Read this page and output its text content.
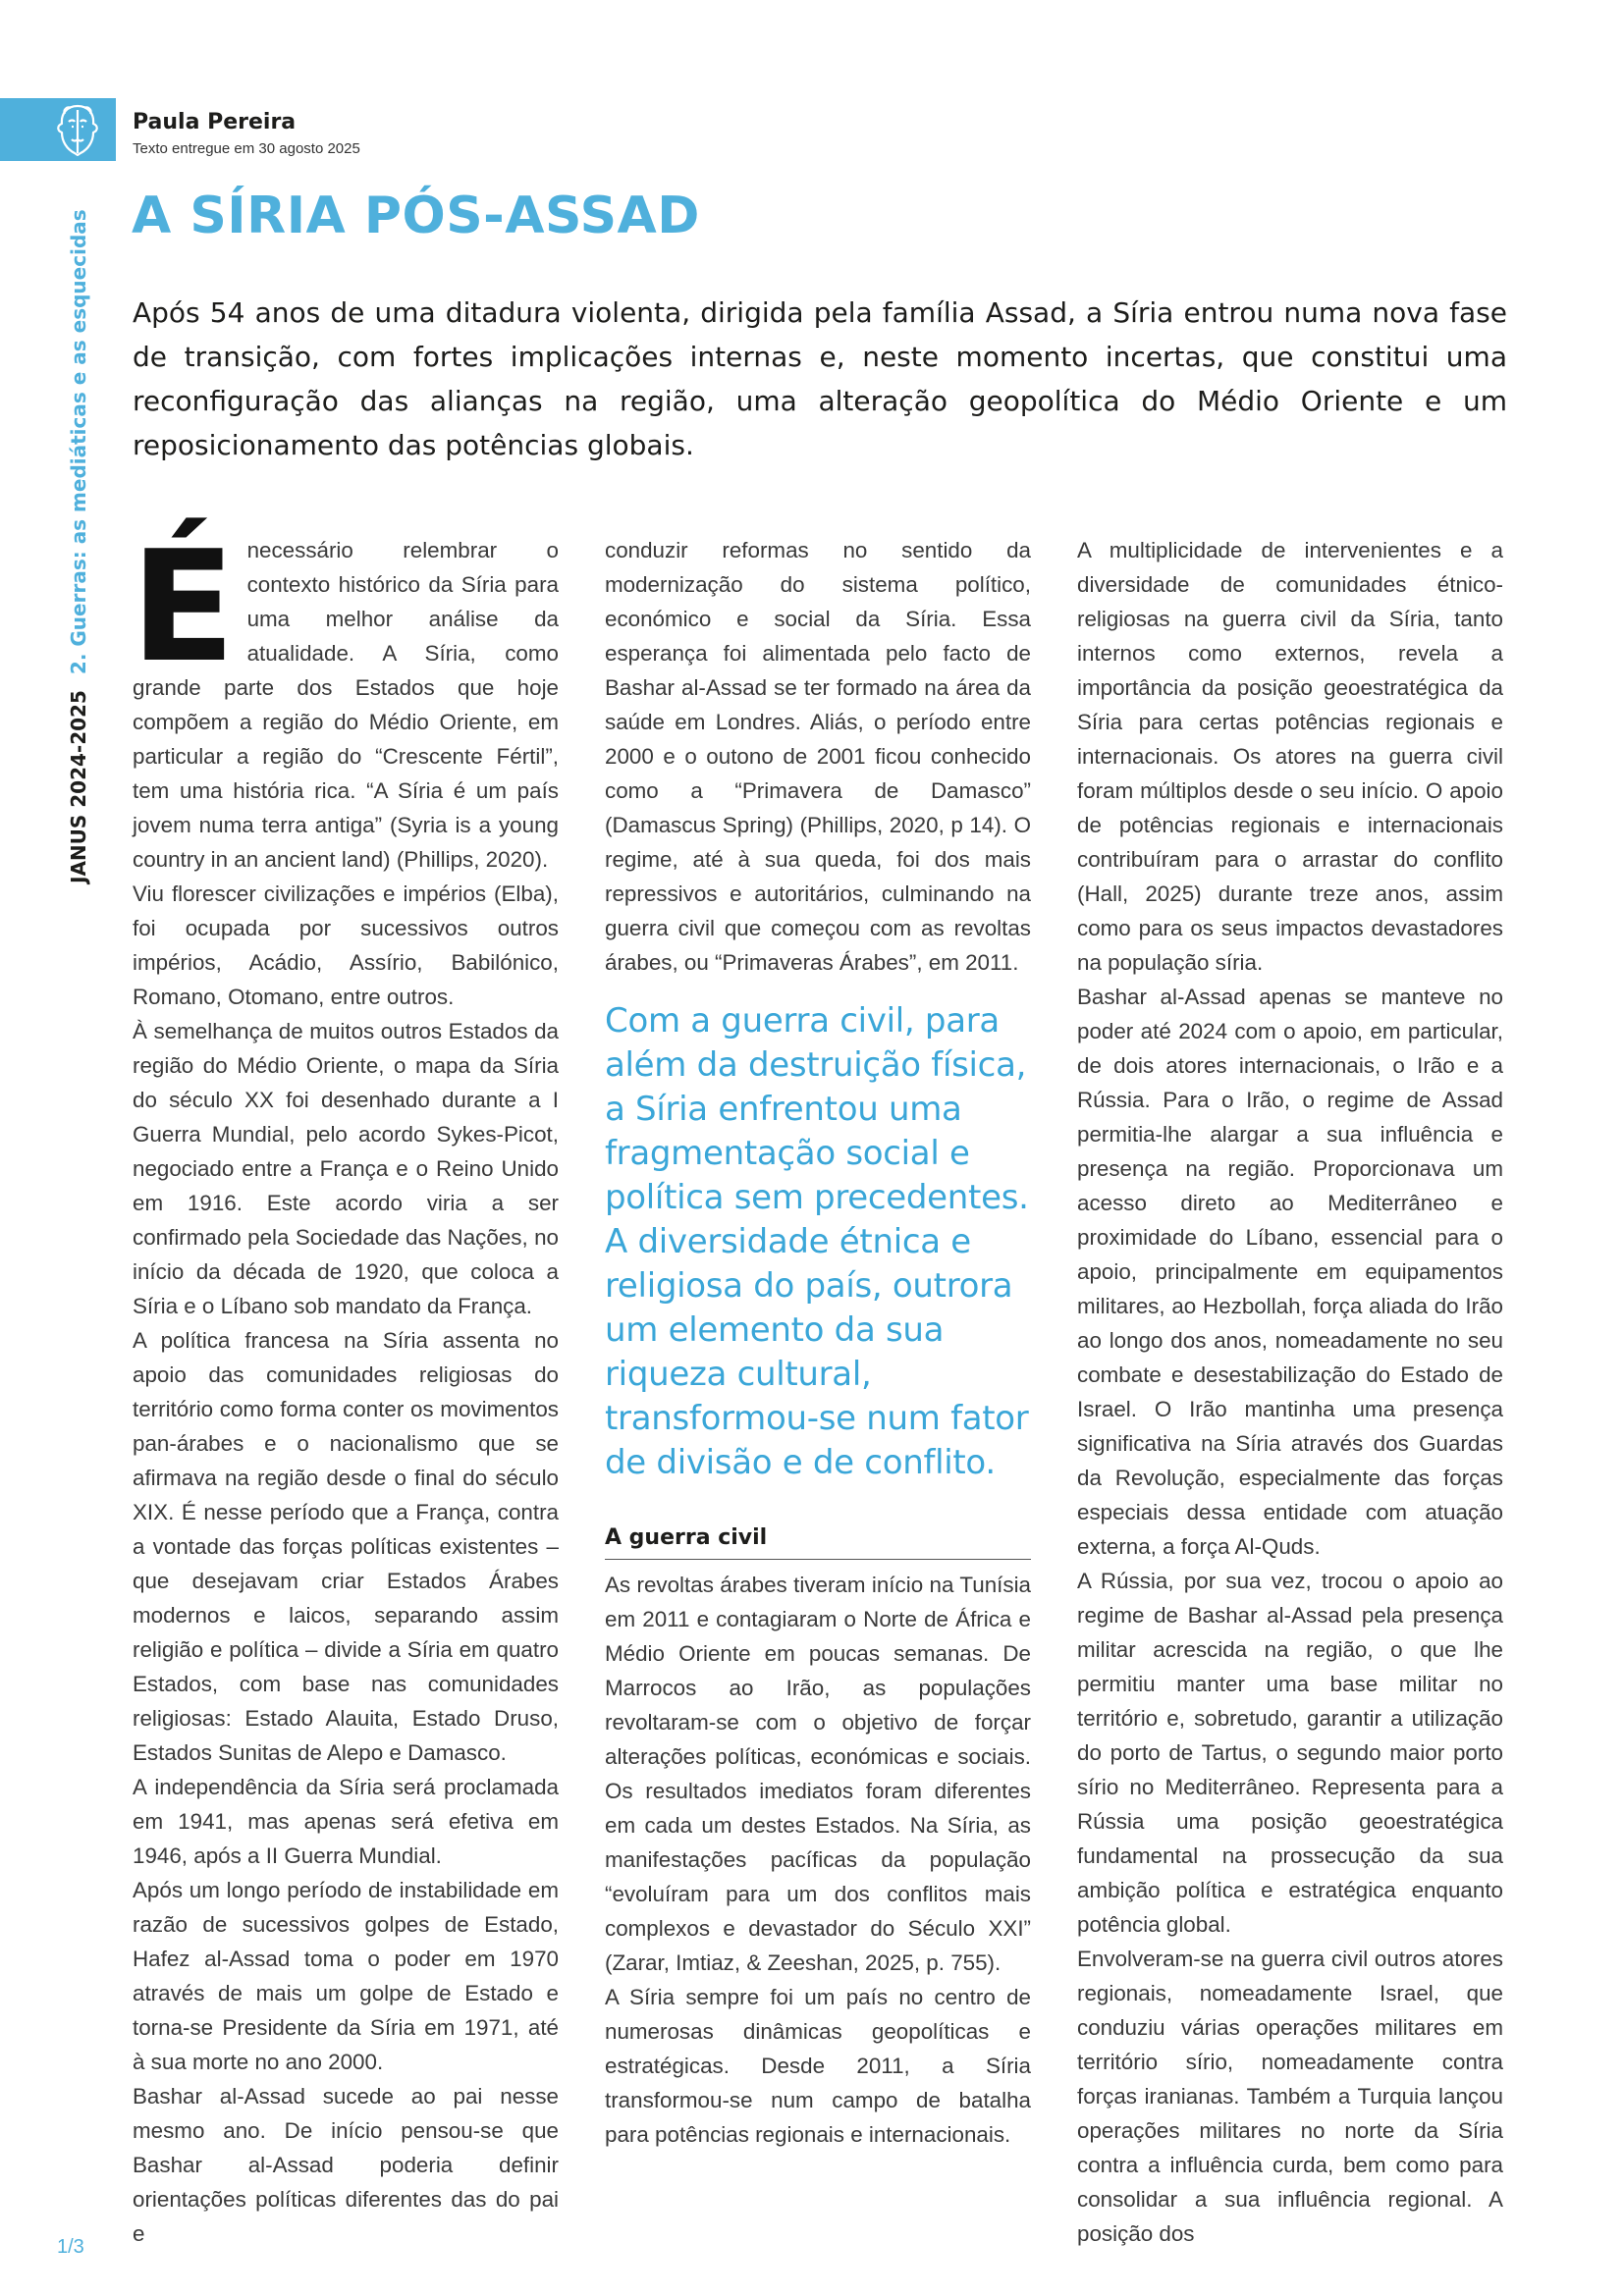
Paula Pereira
Texto entregue em 30 agosto 2025
JANUS 2024-20252. Guerras: as mediáticas e as esquecidas A SÍRIA PÓS-ASSAD

Após 54 anos de uma ditadura violenta, dirigida pela família Assad, a Síria entrou numa nova fase de transição, com fortes implicações internas e, neste momento incertas, que constitui uma reconfiguração das alianças na região, uma alteração geopolítica do Médio Oriente e um reposicionamento das potências globais.

É necessário relembrar o contexto histórico da Síria para uma melhor análise da atualidade. A Síria, como grande parte dos Estados que hoje compõem a região do Médio Oriente, em particular a região do “Crescente Fértil”, tem uma história rica. “A Síria é um país jovem numa terra antiga” (Syria is a young country in an ancient land) (Phillips, 2020).

Viu florescer civilizações e impérios (Elba), foi ocupada por sucessivos outros impérios, Acádio, Assírio, Babilónico, Romano, Otomano, entre outros.

À semelhança de muitos outros Estados da região do Médio Oriente, o mapa da Síria do século XX foi desenhado durante a I Guerra Mundial, pelo acordo Sykes-Picot, negociado entre a França e o Reino Unido em 1916. Este acordo viria a ser confirmado pela Sociedade das Nações, no início da década de 1920, que coloca a Síria e o Líbano sob mandato da França.

A política francesa na Síria assenta no apoio das comunidades religiosas do território como forma conter os movimentos pan-árabes e o nacionalismo que se afirmava na região desde o final do século XIX. É nesse período que a França, contra a vontade das forças políticas existentes – que desejavam criar Estados Árabes modernos e laicos, separando assim religião e política – divide a Síria em quatro Estados, com base nas comunidades religiosas: Estado Alauita, Estado Druso, Estados Sunitas de Alepo e Damasco.

A independência da Síria será proclamada em 1941, mas apenas será efetiva em 1946, após a II Guerra Mundial.

Após um longo período de instabilidade em razão de sucessivos golpes de Estado, Hafez al-Assad toma o poder em 1970 através de mais um golpe de Estado e torna-se Presidente da Síria em 1971, até à sua morte no ano 2000.

Bashar al-Assad sucede ao pai nesse mesmo ano. De início pensou-se que Bashar al-Assad poderia definir orientações políticas diferentes das do pai e

conduzir reformas no sentido da modernização do sistema político, económico e social da Síria. Essa esperança foi alimentada pelo facto de Bashar al-Assad se ter formado na área da saúde em Londres. Aliás, o período entre 2000 e o outono de 2001 ficou conhecido como a “Primavera de Damasco” (Damascus Spring) (Phillips, 2020, p 14). O regime, até à sua queda, foi dos mais repressivos e autoritários, culminando na guerra civil que começou com as revoltas árabes, ou “Primaveras Árabes”, em 2011.

Com a guerra civil, para além da destruição física, a Síria enfrentou uma fragmentação social e política sem precedentes. A diversidade étnica e religiosa do país, outrora um elemento da sua riqueza cultural, transformou-se num fator de divisão e de conflito.
A guerra civil

As revoltas árabes tiveram início na Tunísia em 2011 e contagiaram o Norte de África e Médio Oriente em poucas semanas. De Marrocos ao Irão, as populações revoltaram-se com o objetivo de forçar alterações políticas, económicas e sociais. Os resultados imediatos foram diferentes em cada um destes Estados. Na Síria, as manifestações pacíficas da população “evoluíram para um dos conflitos mais complexos e devastador do Século XXI” (Zarar, Imtiaz, & Zeeshan, 2025, p. 755).

A Síria sempre foi um país no centro de numerosas dinâmicas geopolíticas e estratégicas. Desde 2011, a Síria transformou-se num campo de batalha para potências regionais e internacionais.

A multiplicidade de intervenientes e a diversidade de comunidades étnico-religiosas na guerra civil da Síria, tanto internos como externos, revela a importância da posição geoestratégica da Síria para certas potências regionais e internacionais. Os atores na guerra civil foram múltiplos desde o seu início. O apoio de potências regionais e internacionais contribuíram para o arrastar do conflito (Hall, 2025) durante treze anos, assim como para os seus impactos devastadores na população síria.

Bashar al-Assad apenas se manteve no poder até 2024 com o apoio, em particular, de dois atores internacionais, o Irão e a Rússia. Para o Irão, o regime de Assad permitia-lhe alargar a sua influência e presença na região. Proporcionava um acesso direto ao Mediterrâneo e proximidade do Líbano, essencial para o apoio, principalmente em equipamentos militares, ao Hezbollah, força aliada do Irão ao longo dos anos, nomeadamente no seu combate e desestabilização do Estado de Israel. O Irão mantinha uma presença significativa na Síria através dos Guardas da Revolução, especialmente das forças especiais dessa entidade com atuação externa, a força Al-Quds.

A Rússia, por sua vez, trocou o apoio ao regime de Bashar al-Assad pela presença militar acrescida na região, o que lhe permitiu manter uma base militar no território e, sobretudo, garantir a utilização do porto de Tartus, o segundo maior porto sírio no Mediterrâneo. Representa para a Rússia uma posição geoestratégica fundamental na prossecução da sua ambição política e estratégica enquanto potência global.

Envolveram-se na guerra civil outros atores regionais, nomeadamente Israel, que conduziu várias operações militares em território sírio, nomeadamente contra forças iranianas. Também a Turquia lançou operações militares no norte da Síria contra a influência curda, bem como para consolidar a sua influência regional. A posição dos

1/3
